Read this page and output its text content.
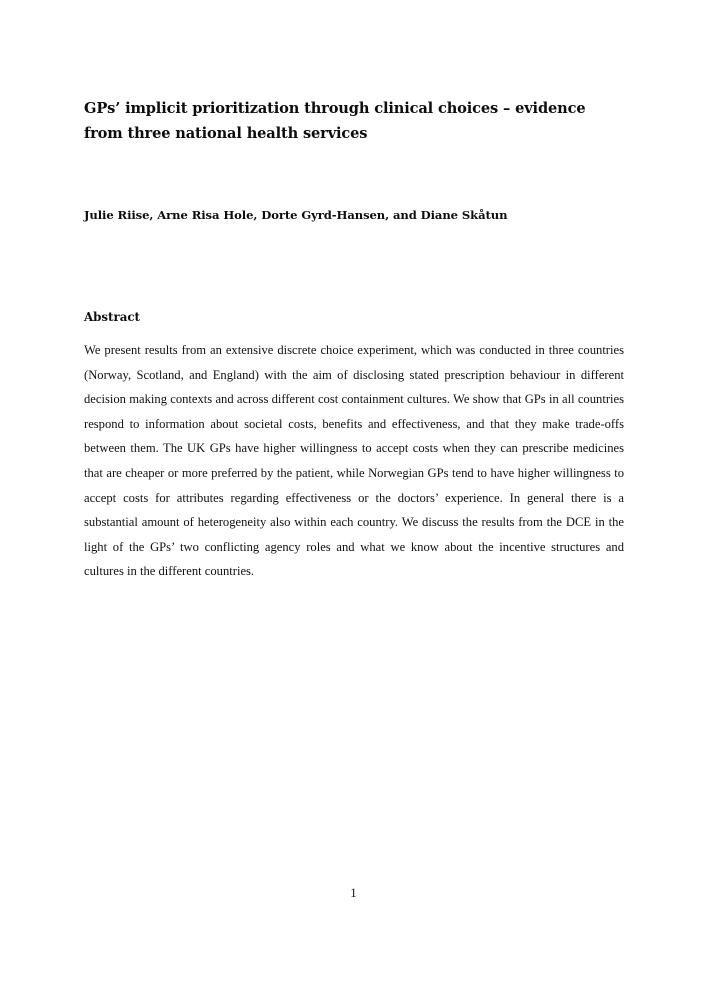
GPs’ implicit prioritization through clinical choices – evidence from three national health services

Julie Riise, Arne Risa Hole, Dorte Gyrd-Hansen, and Diane Skåtun

Abstract

We present results from an extensive discrete choice experiment, which was conducted in three countries (Norway, Scotland, and England) with the aim of disclosing stated prescription behaviour in different decision making contexts and across different cost containment cultures. We show that GPs in all countries respond to information about societal costs, benefits and effectiveness, and that they make trade-offs between them. The UK GPs have higher willingness to accept costs when they can prescribe medicines that are cheaper or more preferred by the patient, while Norwegian GPs tend to have higher willingness to accept costs for attributes regarding effectiveness or the doctors’ experience. In general there is a substantial amount of heterogeneity also within each country. We discuss the results from the DCE in the light of the GPs’ two conflicting agency roles and what we know about the incentive structures and cultures in the different countries.

1
